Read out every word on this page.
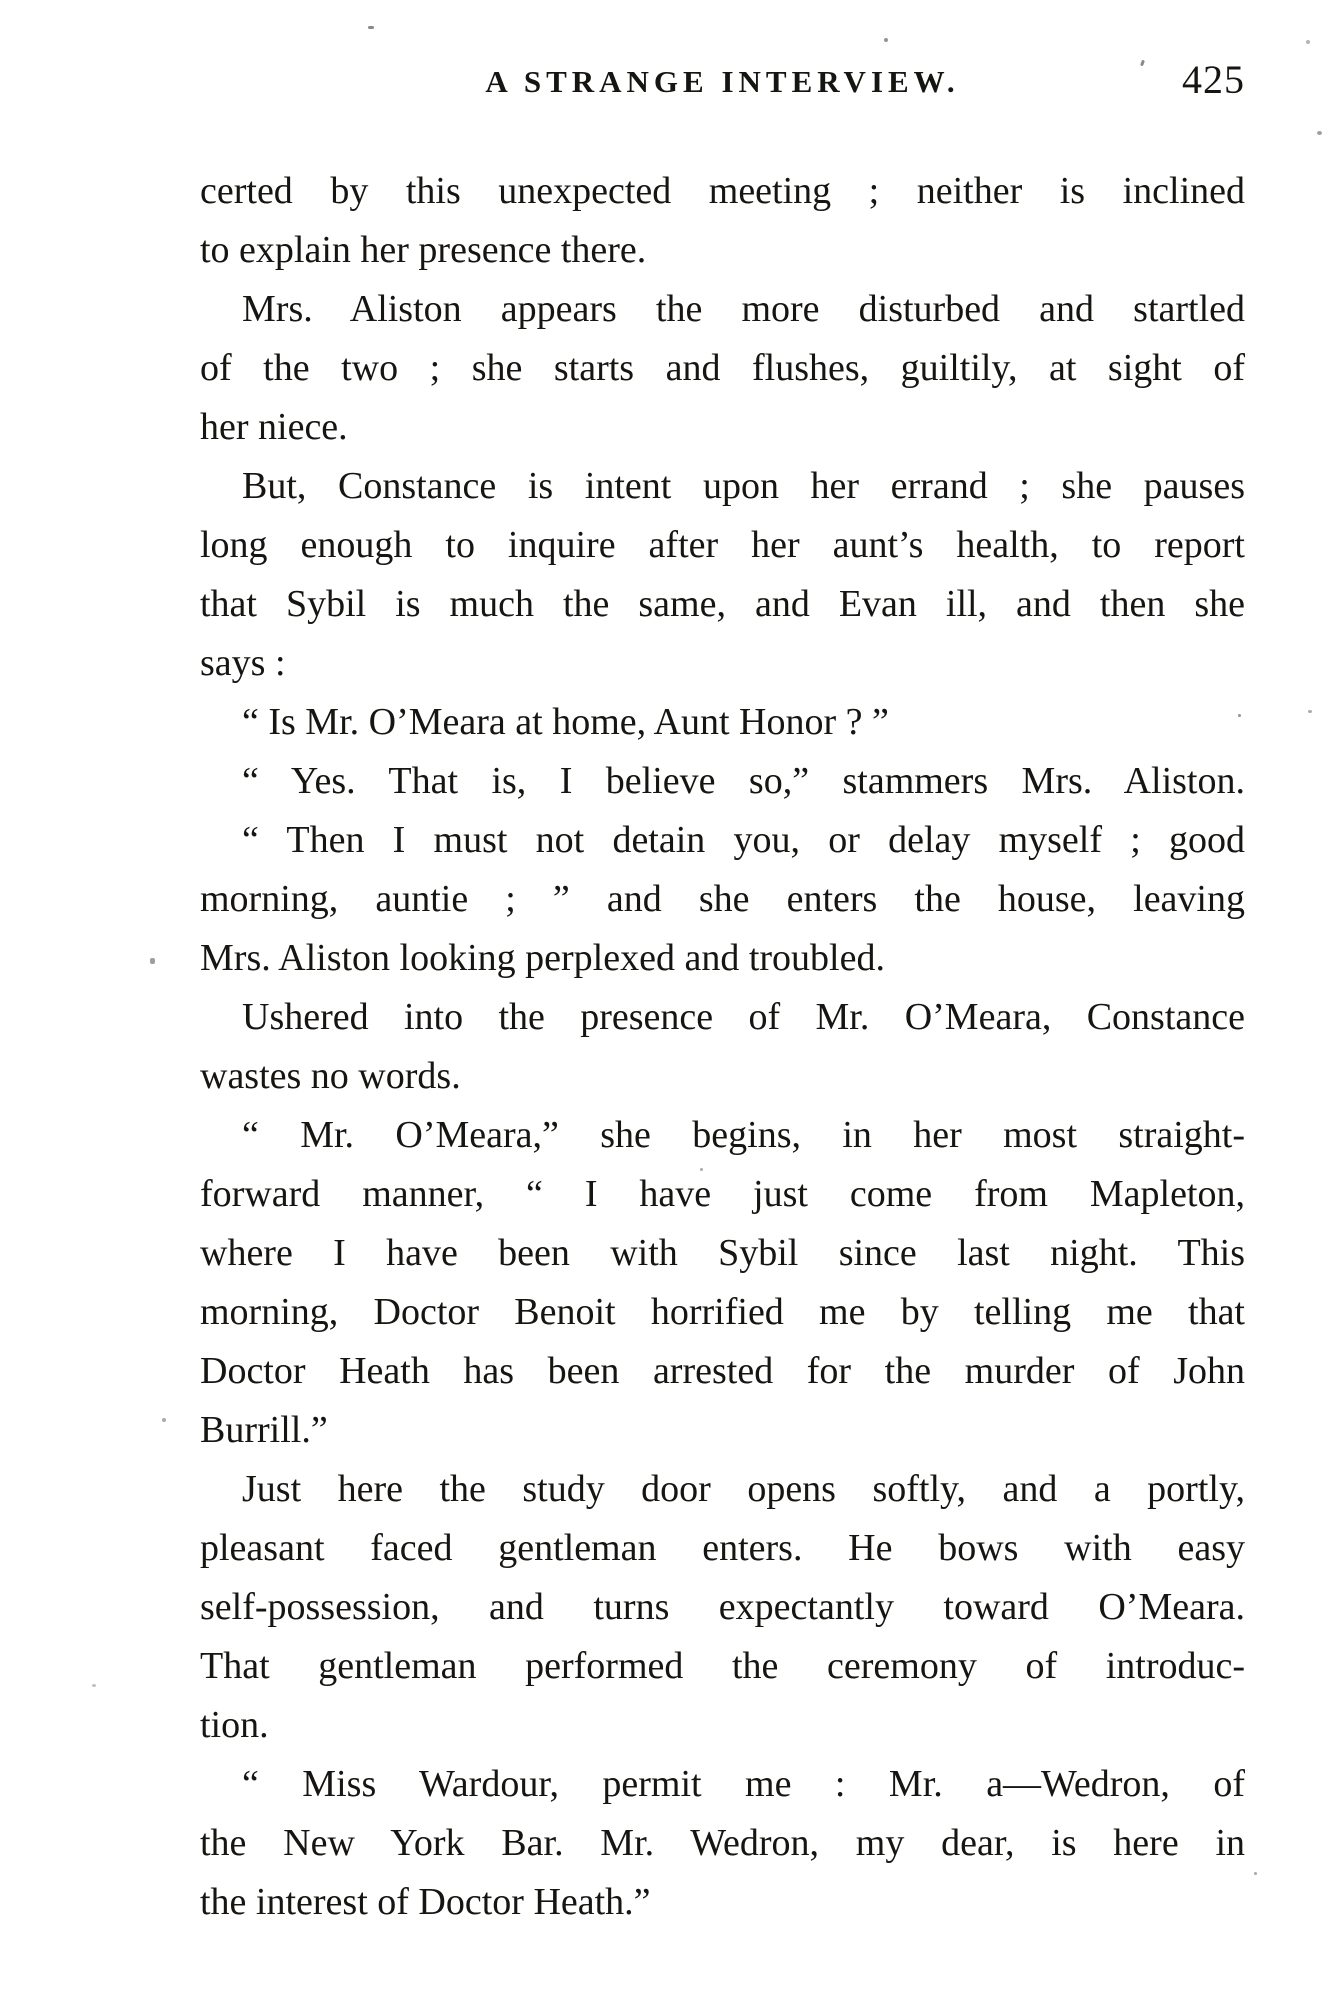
A STRANGE INTERVIEW.	425
certed by this unexpected meeting ; neither is inclined
to explain her presence there.
Mrs. Aliston appears the more disturbed and startled
of the two ; she starts and flushes, guiltily, at sight of
her niece.
But, Constance is intent upon her errand ; she pauses
long enough to inquire after her aunt’s health, to report
that Sybil is much the same, and Evan ill, and then she
says :
“ Is Mr. O’Meara at home, Aunt Honor ? ”
“ Yes. That is, I believe so,” stammers Mrs. Aliston.
“ Then I must not detain you, or delay myself ; good
morning, auntie ; ” and she enters the house, leaving
Mrs. Aliston looking perplexed and troubled.
Ushered into the presence of Mr. O’Meara, Constance
wastes no words.
“ Mr. O’Meara,” she begins, in her most straight-
forward manner, “ I have just come from Mapleton,
where I have been with Sybil since last night. This
morning, Doctor Benoit horrified me by telling me that
Doctor Heath has been arrested for the murder of John
Burrill.”
Just here the study door opens softly, and a portly,
pleasant faced gentleman enters. He bows with easy
self-possession, and turns expectantly toward O’Meara.
That gentleman performed the ceremony of introduc-
tion.
“ Miss Wardour, permit me : Mr. a—Wedron, of
the New York Bar. Mr. Wedron, my dear, is here in
the interest of Doctor Heath.”
